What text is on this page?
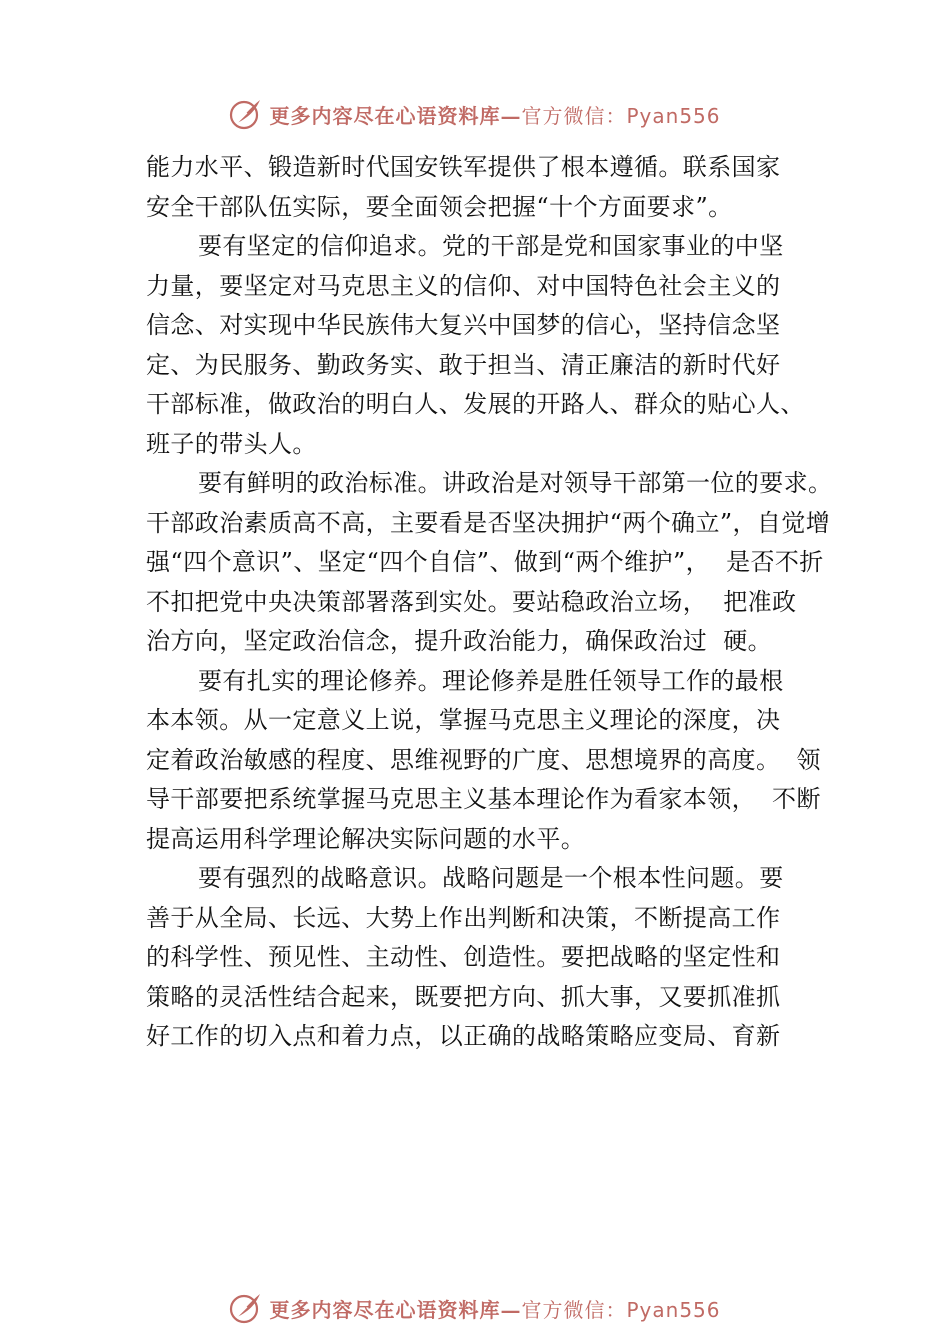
更多内容尽在心语资料库—官方微信：Pyan556
能力水平、锻造新时代国安铁军提供了根本遵循。联系国家
安全干部队伍实际，要全面领会把握“十个方面要求”。
要有坚定的信仰追求。党的干部是党和国家事业的中坚
力量，要坚定对马克思主义的信仰、对中国特色社会主义的
信念、对实现中华民族伟大复兴中国梦的信心，坚持信念坚
定、为民服务、勤政务实、敢于担当、清正廉洁的新时代好
干部标准，做政治的明白人、发展的开路人、群众的贴心人、
班子的带头人。
要有鲜明的政治标准。讲政治是对领导干部第一位的要求。
干部政治素质高不高，主要看是否坚决拥护“两个确立”，自觉增
强“四个意识”、坚定“四个自信”、做到“两个维护”，  是否不折
不扣把党中央决策部署落到实处。要站稳政治立场，  把准政
治方向，坚定政治信念，提升政治能力，确保政治过  硬。
要有扎实的理论修养。理论修养是胜任领导工作的最根
本本领。从一定意义上说，掌握马克思主义理论的深度，决
定着政治敏感的程度、思维视野的广度、思想境界的高度。  领
导干部要把系统掌握马克思主义基本理论作为看家本领，  不断
提高运用科学理论解决实际问题的水平。
要有强烈的战略意识。战略问题是一个根本性问题。要
善于从全局、长远、大势上作出判断和决策，不断提高工作
的科学性、预见性、主动性、创造性。要把战略的坚定性和
策略的灵活性结合起来，既要把方向、抓大事，又要抓准抓
好工作的切入点和着力点，以正确的战略策略应变局、育新
更多内容尽在心语资料库—官方微信：Pyan556
